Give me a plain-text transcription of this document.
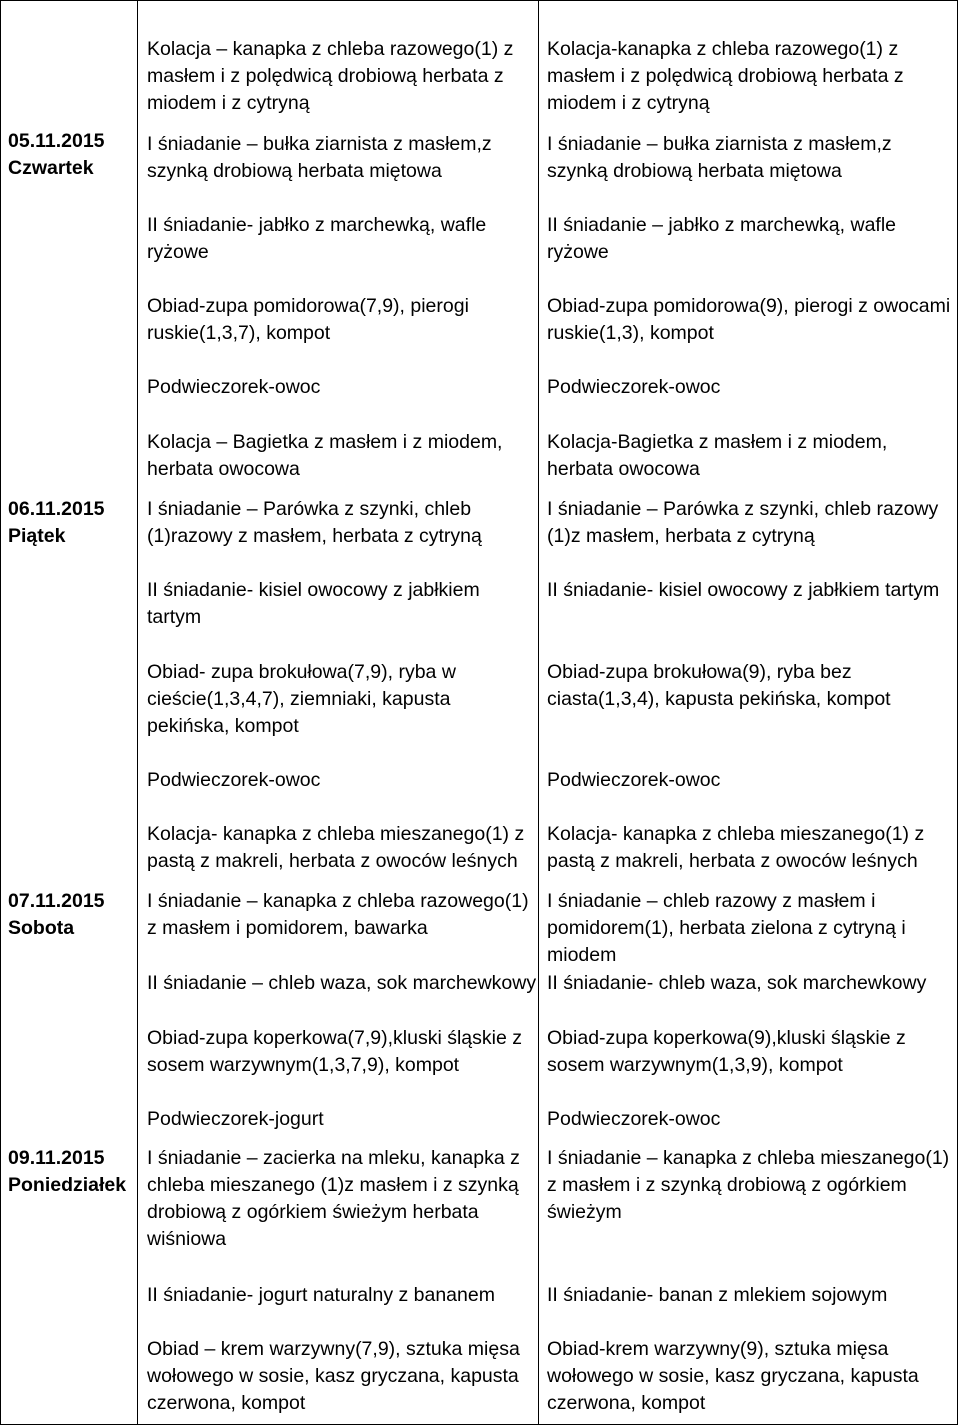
05.11.2015
Czwartek
Kolacja – kanapka z chleba razowego(1) z
masłem i z polędwicą drobiową herbata z
miodem i z cytryną
I śniadanie – bułka ziarnista z masłem,z
szynką drobiową herbata miętowa
II śniadanie- jabłko z marchewką, wafle
ryżowe
Obiad-zupa pomidorowa(7,9), pierogi
ruskie(1,3,7), kompot
Podwieczorek-owoc
Kolacja-kanapka z chleba razowego(1) z
masłem i z polędwicą drobiową herbata z
miodem i z cytryną
I śniadanie – bułka ziarnista z masłem,z
szynką drobiową herbata miętowa
II śniadanie – jabłko z marchewką, wafle
ryżowe
Obiad-zupa pomidorowa(9), pierogi z owocami
ruskie(1,3), kompot
Podwieczorek-owoc
06.11.2015
Piątek
Kolacja – Bagietka z masłem i z miodem,
herbata owocowa
I śniadanie – Parówka z szynki, chleb
(1)razowy z masłem, herbata z cytryną
II śniadanie- kisiel owocowy z jabłkiem
tartym
Obiad- zupa brokułowa(7,9), ryba w
cieście(1,3,4,7), ziemniaki, kapusta
pekińska, kompot
Podwieczorek-owoc
Kolacja-Bagietka z masłem i z miodem,
herbata owocowa
I śniadanie – Parówka z szynki, chleb razowy
(1)z masłem, herbata z cytryną
II śniadanie- kisiel owocowy z jabłkiem tartym
Obiad-zupa brokułowa(9), ryba bez
ciasta(1,3,4), kapusta pekińska, kompot
Podwieczorek-owoc
07.11.2015
Sobota
Kolacja- kanapka z chleba mieszanego(1) z
pastą z makreli, herbata z owoców leśnych
I śniadanie – kanapka z chleba razowego(1)
z masłem i pomidorem, bawarka
II śniadanie – chleb waza, sok marchewkowy
Obiad-zupa koperkowa(7,9),kluski śląskie z
sosem warzywnym(1,3,7,9), kompot
Podwieczorek-jogurt
Kolacja- kanapka z chleba mieszanego(1) z
pastą z makreli, herbata z owoców leśnych
I śniadanie – chleb razowy z masłem i
pomidorem(1), herbata zielona z cytryną i
miodem
II śniadanie- chleb waza, sok marchewkowy
Obiad-zupa koperkowa(9),kluski śląskie z
sosem warzywnym(1,3,9), kompot
Podwieczorek-owoc
09.11.2015
Poniedziałek
I śniadanie – zacierka na mleku, kanapka z
chleba mieszanego (1)z masłem i z szynką
drobiową z ogórkiem świeżym herbata
wiśniowa
II śniadanie- jogurt naturalny z bananem
Obiad – krem warzywny(7,9), sztuka mięsa
wołowego w sosie, kasz gryczana, kapusta
czerwona, kompot
I śniadanie – kanapka z chleba mieszanego(1)
z masłem i z szynką drobiową z ogórkiem
świeżym
II śniadanie- banan z mlekiem sojowym
Obiad-krem warzywny(9), sztuka mięsa
wołowego w sosie, kasz gryczana, kapusta
czerwona, kompot
